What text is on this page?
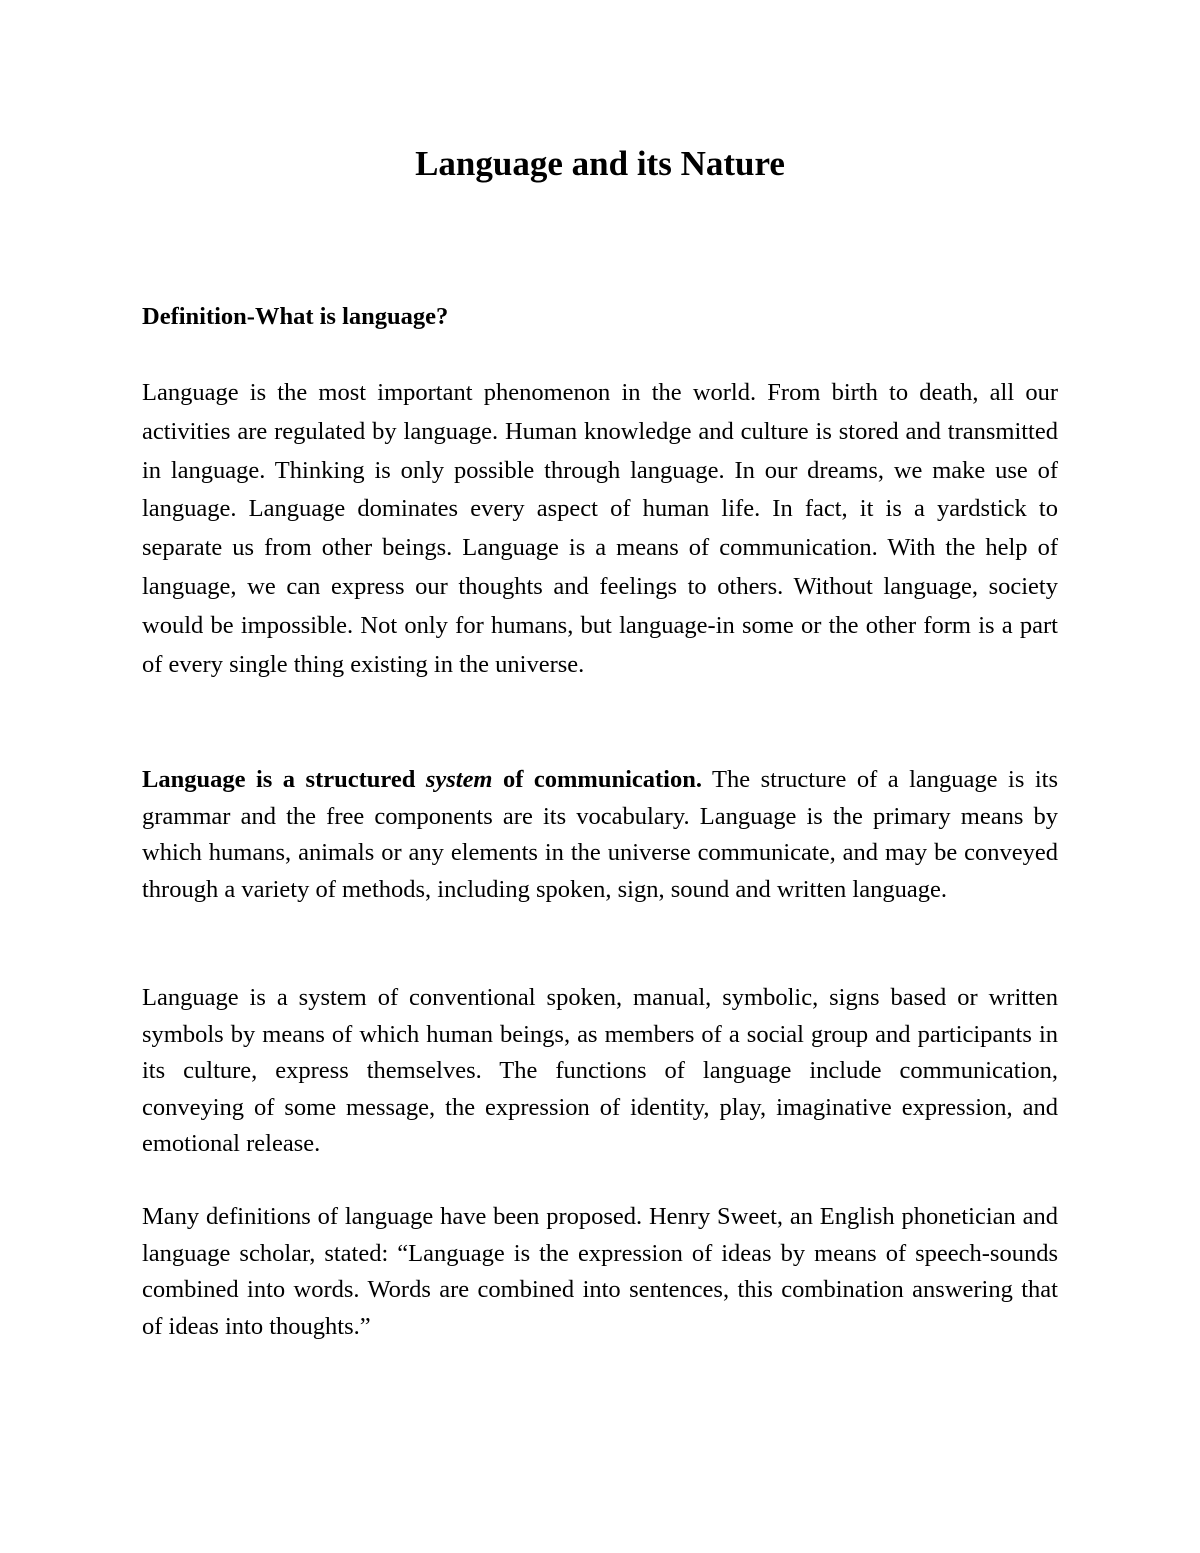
Language and its Nature

Definition-What is language?

Language is the most important phenomenon in the world. From birth to death, all our activities are regulated by language. Human knowledge and culture is stored and transmitted in language. Thinking is only possible through language. In our dreams, we make use of language. Language dominates every aspect of human life. In fact, it is a yardstick to separate us from other beings. Language is a means of communication. With the help of language, we can express our thoughts and feelings to others. Without language, society would be impossible. Not only for humans, but language-in some or the other form is a part of every single thing existing in the universe.

Language is a structured system of communication. The structure of a language is its grammar and the free components are its vocabulary. Language is the primary means by which humans, animals or any elements in the universe communicate, and may be conveyed through a variety of methods, including spoken, sign, sound and written language.

Language is a system of conventional spoken, manual, symbolic, signs based or written symbols by means of which human beings, as members of a social group and participants in its culture, express themselves. The functions of language include communication, conveying of some message, the expression of identity, play, imaginative expression, and emotional release.

Many definitions of language have been proposed. Henry Sweet, an English phonetician and language scholar, stated: “Language is the expression of ideas by means of speech-sounds combined into words. Words are combined into sentences, this combination answering that of ideas into thoughts.”
